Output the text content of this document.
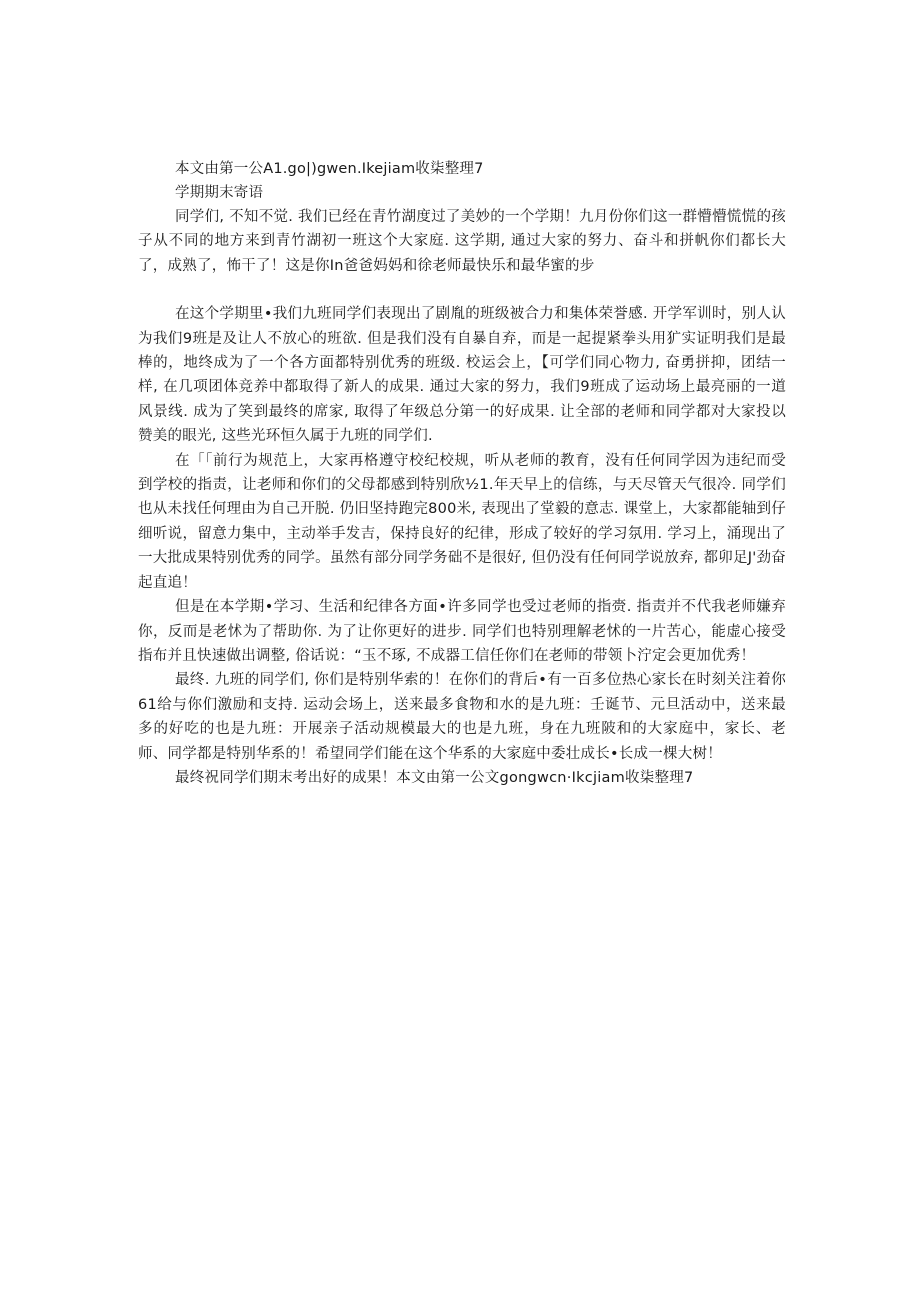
本文由第一公A1.go|)gwen.Ikejiam收柒整理7
学期期末寄语

同学们, 不知不觉. 我们已经在青竹湖度过了美妙的一个学期！九月份你们这一群懵懵慌慌的孩子从不同的地方来到青竹湖初一班这个大家庭. 这学期, 通过大家的努力、奋斗和拼帆你们都长大了，成熟了，怖干了！这是你In爸爸妈妈和徐老师最快乐和最华蜜的步

在这个学期里•我们九班同学们表现出了剧胤的班级被合力和集体荣誉感. 开学军训时，别人认为我们9班是及让人不放心的班欲. 但是我们没有自暴自弃，而是一起提紧拳头用犷实证明我们是最棒的，地终成为了一个各方面都特别优秀的班级. 校运会上，【可学们同心物力, 奋勇拼抑，团结一样, 在几项团体竞养中都取得了新人的成果. 通过大家的努力，我们9班成了运动场上最亮丽的一道风景线. 成为了笑到最终的席家, 取得了年级总分第一的好成果. 让全部的老师和同学都对大家投以赞美的眼光, 这些光环恒久属于九班的同学们.

在「「前行为规范上，大家再格遵守校纪校规，听从老师的教育，没有任何同学因为违纪而受到学校的指责，让老师和你们的父母都感到特别欣½1.年天早上的信练，与天尽管天气很冷. 同学们也从未找任何理由为自己开脱. 仍旧坚持跑完800米, 表现出了堂毅的意志. 课堂上，大家都能轴到仔细听说，留意力集中，主动举手发吉，保持良好的纪律，形成了较好的学习氛用. 学习上，涌现出了一大批成果特别优秀的同学。虽然有部分同学务础不是很好, 但仍没有任何同学说放弃, 都卯足J'劲奋起直追！

但是在本学期•学习、生活和纪律各方面•许多同学也受过老师的指赍. 指责并不代我老师嫌弃你，反而是老怵为了帮助你. 为了让你更好的进步. 同学们也特别理解老怵的一片苦心，能虚心接受指布并且快速做出调整, 俗话说：“玉不琢, 不成器工信任你们在老师的带领卜泞定会更加优秀！

最终. 九班的同学们, 你们是特别华索的！在你们的背后•有一百多位热心家长在时刻关注着你61给与你们激励和支持. 运动会场上，送来最多食物和水的是九班：壬诞节、元旦活动中，送来最多的好吃的也是九班：开展亲子活动规模最大的也是九班，身在九班陂和的大家庭中，家长、老师、同学都是特别华系的！希望同学们能在这个华系的大家庭中委壮成长•长成一棵大树！

最终祝同学们期末考出好的成果！本文由第一公文gongwcn·Ikcjiam收柒整理7
